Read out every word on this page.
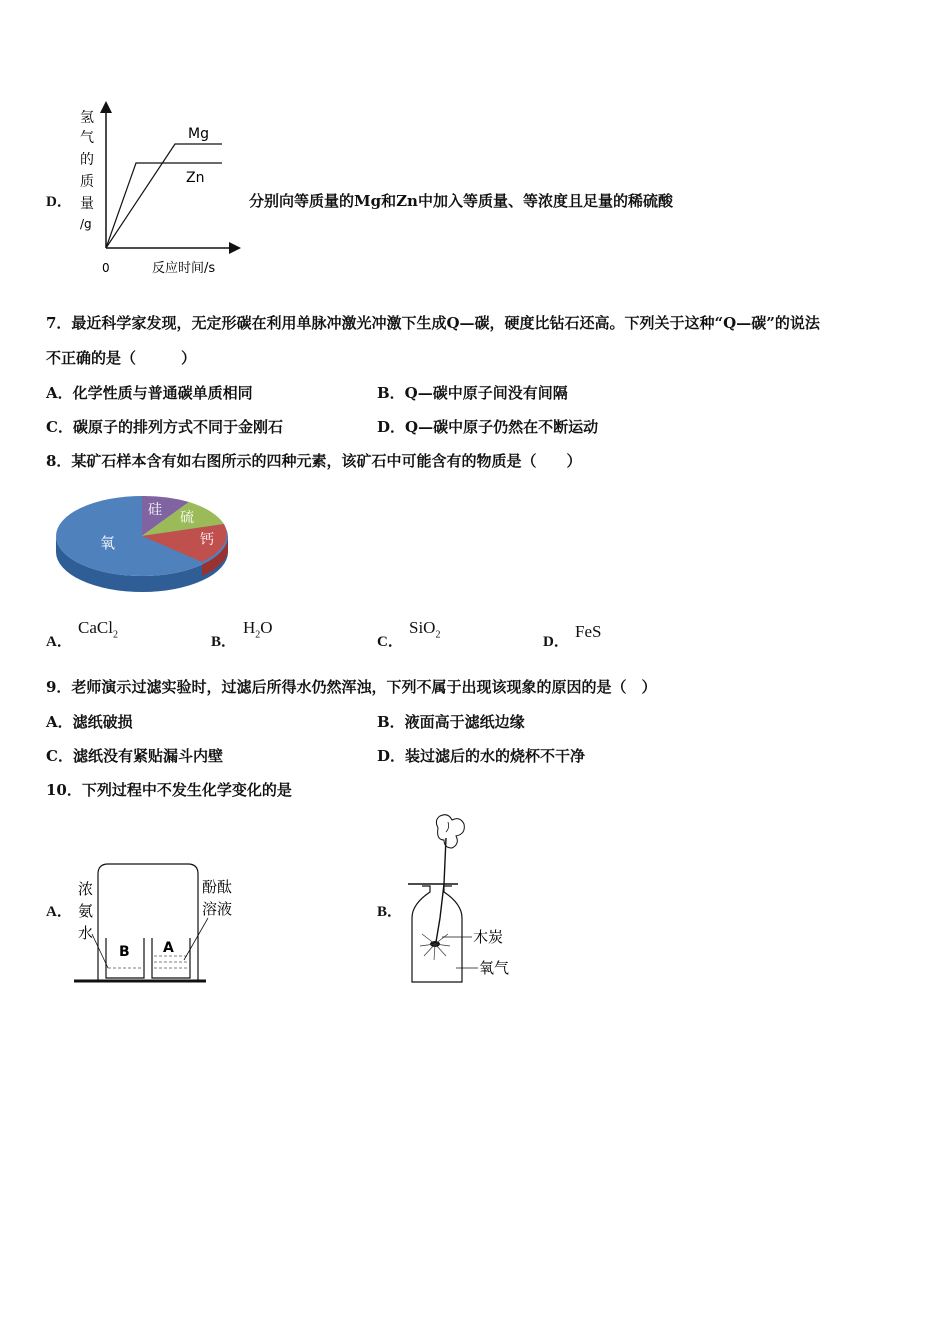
D．
氢
气
的
质
量
/g
0	反应时间/s
Mg
Zn
分别向等质量的Mg和Zn中加入等质量、等浓度且足量的稀硫酸
7．最近科学家发现，无定形碳在利用单脉冲激光冲激下生成Q—碳，硬度比钻石还高。下列关于这种“Q—碳”的说法
不正确的是（　　　）
A．化学性质与普通碳单质相同	B．Q—碳中原子间没有间隔
C．碳原子的排列方式不同于金刚石	D．Q—碳中原子仍然在不断运动
8．某矿石样本含有如右图所示的四种元素，该矿石中可能含有的物质是（　　）
氧
硅 硫
钙
A．
CaCl$_2$	B．
$H_2O$
C．
SiO$_2$	D．
FeS
9．老师演示过滤实验时，过滤后所得水仍然浑浊，下列不属于出现该现象的原因的是（　）
A．滤纸破损	B．液面高于滤纸边缘
C．滤纸没有紧贴漏斗内壁	D．装过滤后的水的烧杯不干净
10．下列过程中不发生化学变化的是
A．
B A
浓
氨
水
酚酞
溶液	B．
木炭
氧气
